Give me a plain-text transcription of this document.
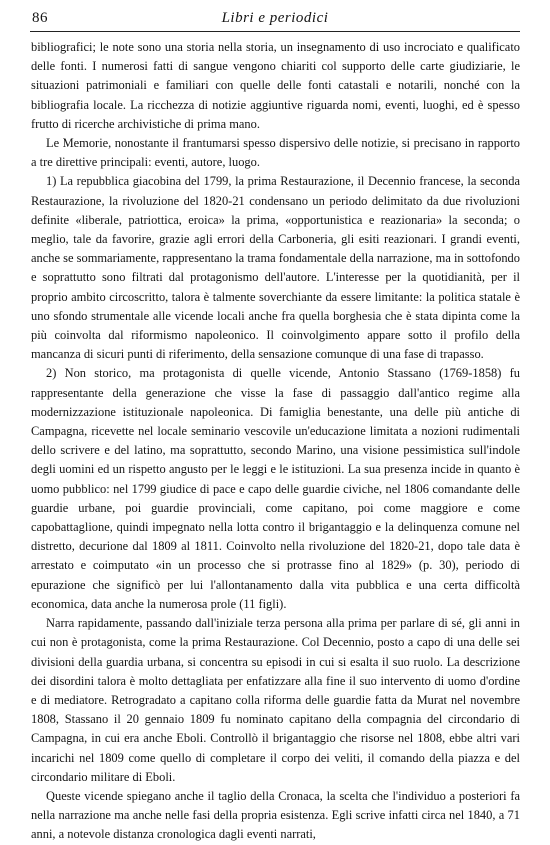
86	Libri e periodici

bibliografici; le note sono una storia nella storia, un insegnamento di uso incrociato e qualificato delle fonti. I numerosi fatti di sangue vengono chiariti col supporto delle carte giudiziarie, le situazioni patrimoniali e familiari con quelle delle fonti catastali e notarili, nonché con la bibliografia locale. La ricchezza di notizie aggiuntive riguarda nomi, eventi, luoghi, ed è spesso frutto di ricerche archivistiche di prima mano.

Le Memorie, nonostante il frantumarsi spesso dispersivo delle notizie, si precisano in rapporto a tre direttive principali: eventi, autore, luogo.

1) La repubblica giacobina del 1799, la prima Restaurazione, il Decennio francese, la seconda Restaurazione, la rivoluzione del 1820-21 condensano un periodo delimitato da due rivoluzioni definite «liberale, patriottica, eroica» la prima, «opportunistica e reazionaria» la seconda; o meglio, tale da favorire, grazie agli errori della Carboneria, gli esiti reazionari. I grandi eventi, anche se sommariamente, rappresentano la trama fondamentale della narrazione, ma in sottofondo e soprattutto sono filtrati dal protagonismo dell'autore. L'interesse per la quotidianità, per il proprio ambito circoscritto, talora è talmente soverchiante da essere limitante: la politica statale è uno sfondo strumentale alle vicende locali anche fra quella borghesia che è stata dipinta come la più coinvolta dal riformismo napoleonico. Il coinvolgimento appare sotto il profilo della mancanza di sicuri punti di riferimento, della sensazione comunque di una fase di trapasso.

2) Non storico, ma protagonista di quelle vicende, Antonio Stassano (1769-1858) fu rappresentante della generazione che visse la fase di passaggio dall'antico regime alla modernizzazione istituzionale napoleonica. Di famiglia benestante, una delle più antiche di Campagna, ricevette nel locale seminario vescovile un'educazione limitata a nozioni rudimentali dello scrivere e del latino, ma soprattutto, secondo Marino, una visione pessimistica sull'indole degli uomini ed un rispetto angusto per le leggi e le istituzioni. La sua presenza incide in quanto è uomo pubblico: nel 1799 giudice di pace e capo delle guardie civiche, nel 1806 comandante delle guardie urbane, poi guardie provinciali, come capitano, poi come maggiore e come capobattaglione, quindi impegnato nella lotta contro il brigantaggio e la delinquenza comune nel distretto, decurione dal 1809 al 1811. Coinvolto nella rivoluzione del 1820-21, dopo tale data è arrestato e coimputato «in un processo che si protrasse fino al 1829» (p. 30), periodo di epurazione che significò per lui l'allontanamento dalla vita pubblica e una certa difficoltà economica, data anche la numerosa prole (11 figli).

Narra rapidamente, passando dall'iniziale terza persona alla prima per parlare di sé, gli anni in cui non è protagonista, come la prima Restaurazione. Col Decennio, posto a capo di una delle sei divisioni della guardia urbana, si concentra su episodi in cui si esalta il suo ruolo. La descrizione dei disordini talora è molto dettagliata per enfatizzare alla fine il suo intervento di uomo d'ordine e di mediatore. Retrogradato a capitano colla riforma delle guardie fatta da Murat nel novembre 1808, Stassano il 20 gennaio 1809 fu nominato capitano della compagnia del circondario di Campagna, in cui era anche Eboli. Controllò il brigantaggio che risorse nel 1808, ebbe altri vari incarichi nel 1809 come quello di completare il corpo dei veliti, il comando della piazza e del circondario militare di Eboli.

Queste vicende spiegano anche il taglio della Cronaca, la scelta che l'individuo a posteriori fa nella narrazione ma anche nelle fasi della propria esistenza. Egli scrive infatti circa nel 1840, a 71 anni, a notevole distanza cronologica dagli eventi narrati,
